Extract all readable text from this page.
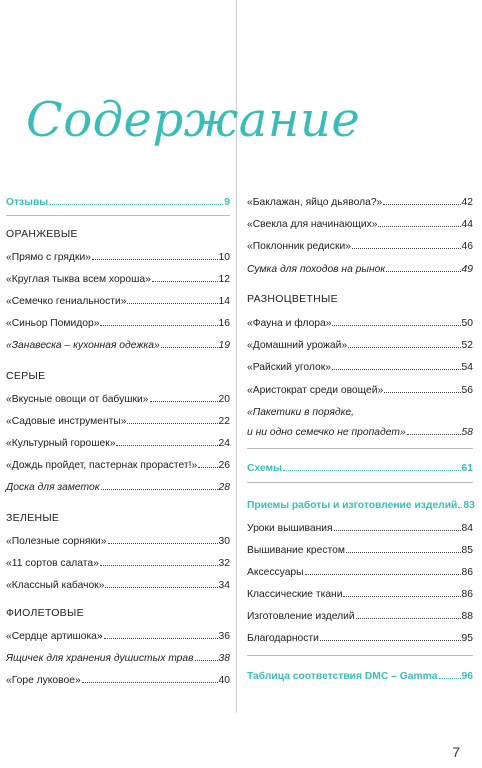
Содержание
Отзывы	9
ОРАНЖЕВЫЕ
«Прямо с грядки»	10
«Круглая тыква всем хороша»	12
«Семечко гениальности»	14
«Синьор Помидор»	16
«Занавеска – кухонная одежка»	19
СЕРЫЕ
«Вкусные овощи от бабушки»	20
«Садовые инструменты»	22
«Культурный горошек»	24
«Дождь пройдет, пастернак прорастет!» 26
Доска для заметок	28
ЗЕЛЕНЫЕ
«Полезные сорняки»	30
«11 сортов салата»	32
«Классный кабачок»	34
ФИОЛЕТОВЫЕ
«Сердце артишока»	36
Ящичек для хранения душистых трав 38
«Горе луковое»	40
«Баклажан, яйцо дьявола?»	42
«Свекла для начинающих»	44
«Поклонник редиски»	46
Сумка для походов на рынок	49
РАЗНОЦВЕТНЫЕ
«Фауна и флора»	50
«Домашний урожай»	52
«Райский уголок»	54
«Аристократ среди овощей»	56
«Пакетики в порядке,
и ни одно семечко не пропадет»	58
Схемы	61
Приемы работы и изготовление изделий 83
Уроки вышивания	84
Вышивание крестом	85
Аксессуары	86
Классические ткани	86
Изготовление изделий	88
Благодарности	95
Таблица соответствия DMC – Gamma 96
7
